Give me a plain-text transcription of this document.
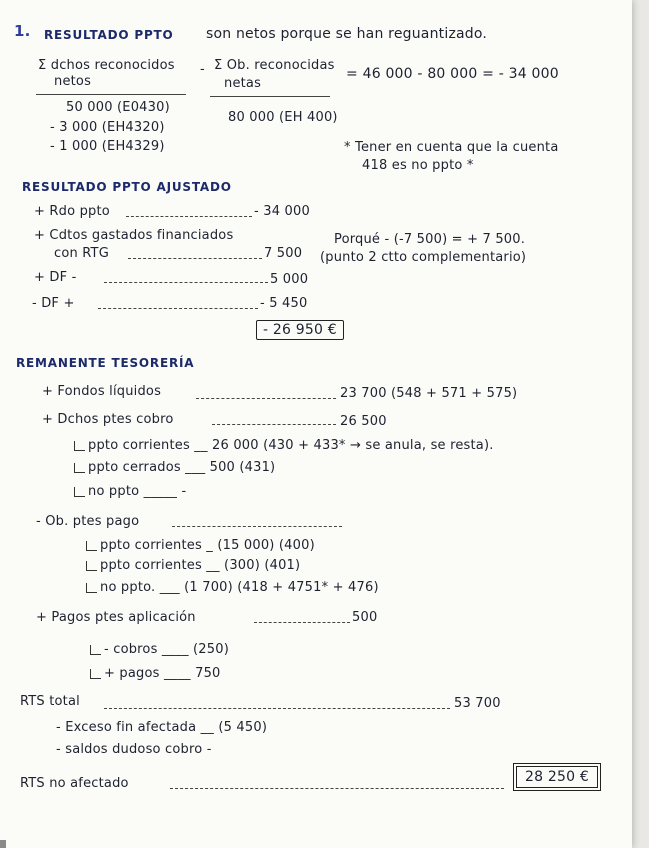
1. RESULTADO PPTO son netos porque se han reguantizado.
Σ dchos reconocidos
netos
- Σ Ob. reconocidas
netas
= 46 000 - 80 000 = - 34 000
50 000 (E0430)
- 3 000 (EH4320)
- 1 000 (EH4329)
80 000 (EH 400)
* Tener en cuenta que la cuenta
418 es no ppto *
RESULTADO PPTO AJUSTADO
+ Rdo ppto	- 34 000
+ Cdtos gastados financiados
con RTG	7 500
Porqué - (-7 500) = + 7 500.
(punto 2 ctto complementario)
+ DF -	5 000
- DF +	- 5 450
- 26 950 €
REMANENTE TESORERÍA
+ Fondos líquidos	23 700 (548 + 571 + 575)
+ Dchos ptes cobro	26 500
ppto corrientes __ 26 000 (430 + 433* → se anula, se resta).
ppto cerrados ___ 500 (431)
no ppto _____ -
- Ob. ptes pago
ppto corrientes _ (15 000) (400)
ppto corrientes __ (300) (401)
no ppto. ___ (1 700) (418 + 4751* + 476)
+ Pagos ptes aplicación	500
- cobros ____ (250)
+ pagos ____ 750
RTS total	53 700
- Exceso fin afectada __ (5 450)
- saldos dudoso cobro -
RTS no afectado	28 250 €
